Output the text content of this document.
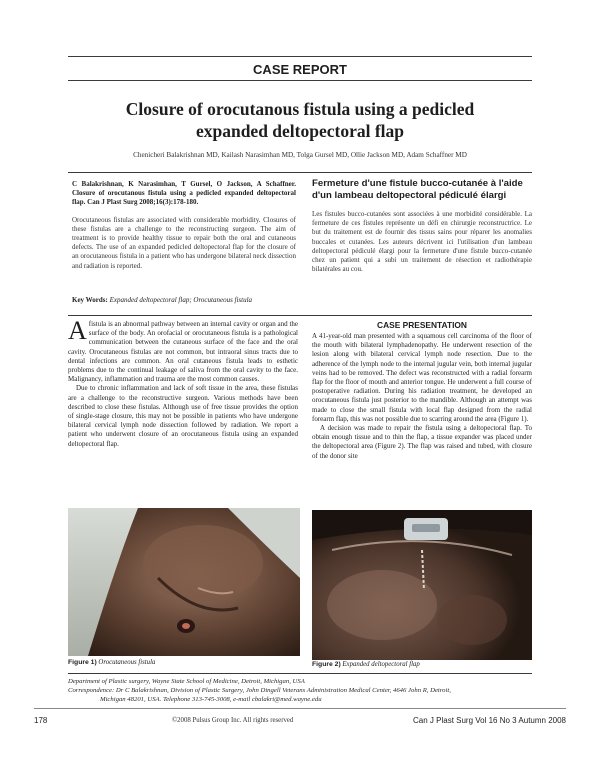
CASE REPORT
Closure of orocutanous fistula using a pedicled
expanded deltopectoral flap
Chenicheri Balakrishnan MD, Kailash Narasimhan MD, Tolga Gursel MD, Ollie Jackson MD, Adam Schaffner MD

C Balakrishnan, K Narasimhan, T Gursel, O Jackson, A Schaffner. Closure of orocutanous fistula using a pedicled expanded deltopectoral flap. Can J Plast Surg 2008;16(3):178-180.

Orocutaneous fistulas are associated with considerable morbidity. Closures of these fistulas are a challenge to the reconstructing surgeon. The aim of treatment is to provide healthy tissue to repair both the oral and cutaneous defects. The use of an expanded pedicled deltopectoral flap for the closure of an orocutaneous fistula in a patient who has undergone bilateral neck dissection and radiation is reported.

Fermeture d'une fistule bucco-cutanée à l'aide
d'un lambeau deltopectoral pédiculé élargi

Les fistules bucco-cutanées sont associées à une morbidité considérable. La fermeture de ces fistules représente un défi en chirurgie reconstructrice. Le but du traitement est de fournir des tissus sains pour réparer les anomalies buccales et cutanées. Les auteurs décrivent ici l'utilisation d'un lambeau deltopectoral pédiculé élargi pour la fermeture d'une fistule bucco-cutanée chez un patient qui a subi un traitement de résection et radiothérapie bilatérales au cou.

Key Words: Expanded deltopectoral flap; Orocutaneous fistula

Afistula is an abnormal pathway between an internal cavity or organ and the surface of the body. An orofacial or orocutaneous fistula is a pathological communication between the cutaneous surface of the face and the oral cavity. Orocutaneous fistulas are not common, but intraoral sinus tracts due to dental infections are common. An oral cutaneous fistula leads to esthetic problems due to the continual leakage of saliva from the oral cavity to the face. Malignancy, inflammation and trauma are the most common causes.

Due to chronic inflammation and lack of soft tissue in the area, these fistulas are a challenge to the reconstructive surgeon. Various methods have been described to close these fistulas. Although use of free tissue provides the option of single-stage closure, this may not be possible in patients who have undergone bilateral cervical lymph node dissection followed by radiation. We report a patient who underwent closure of an orocutaneous fistula using an expanded deltopectoral flap.

CASE PRESENTATION

A 41-year-old man presented with a squamous cell carcinoma of the floor of the mouth with bilateral lymphadenopathy. He underwent resection of the lesion along with bilateral cervical lymph node resection. Due to the adherence of the lymph node to the internal jugular vein, both internal jugular veins had to be removed. The defect was reconstructed with a radial forearm flap for the floor of mouth and anterior tongue. He underwent a full course of postoperative radiation. During his radiation treatment, he developed an orocutaneous fistula just posterior to the mandible. Although an attempt was made to close the small fistula with local flap designed from the radial forearm flap, this was not possible due to scarring around the area (Figure 1).

A decision was made to repair the fistula using a deltopectoral flap. To obtain enough tissue and to thin the flap, a tissue expander was placed under the deltopectoral area (Figure 2). The flap was raised and tubed, with closure of the donor site

Figure 1) Orocutaneous fistula	Figure 2) Expanded deltopectoral flap
Department of Plastic surgery, Wayne State School of Medicine, Detroit, Michigan, USA
Correspondence: Dr C Balakrishnan, Division of Plastic Surgery, John Dingell Veterans Administration Medical Center, 4646 John R, Detroit,
Michigan 48201, USA. Telephone 313-745-3008, e-mail cbalakri@med.wayne.edu
178	©2008 Pulsus Group Inc. All rights reserved	Can J Plast Surg Vol 16 No 3 Autumn 2008
